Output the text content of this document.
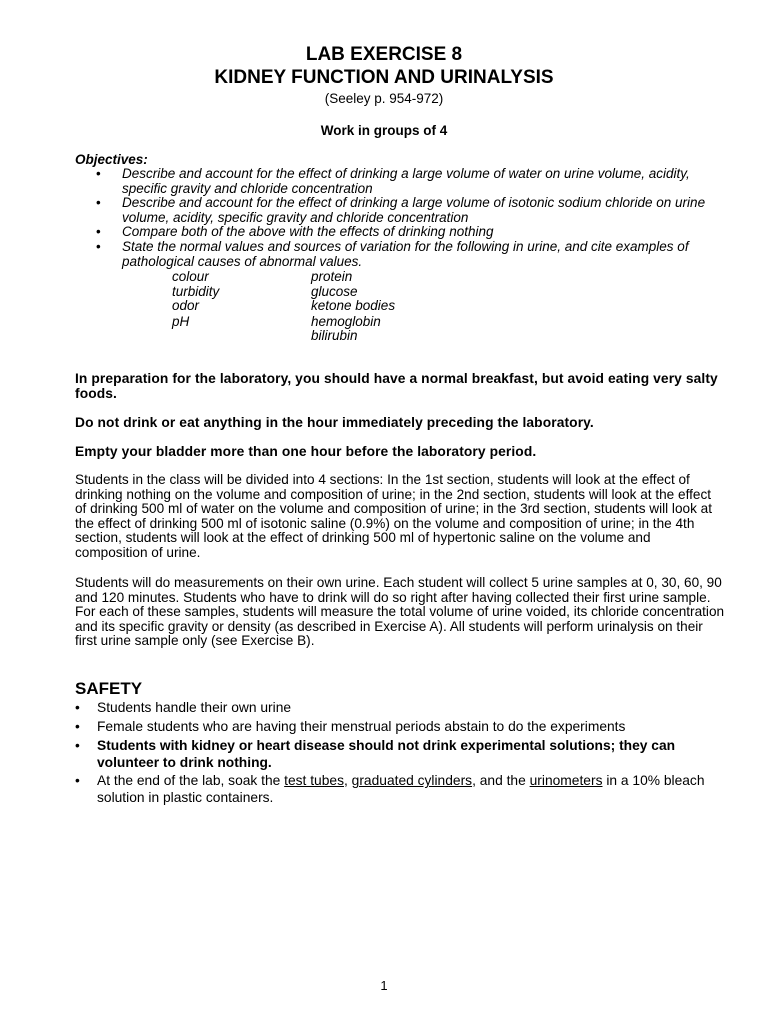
LAB EXERCISE 8
KIDNEY FUNCTION AND URINALYSIS
(Seeley p. 954-972)
Work in groups of 4
Objectives:
• Describe and account for the effect of drinking a large volume of water on urine volume, acidity, specific gravity and chloride concentration
• Describe and account for the effect of drinking a large volume of isotonic sodium chloride on urine volume, acidity, specific gravity and chloride concentration
• Compare both of the above with the effects of drinking nothing
• State the normal values and sources of variation for the following in urine, and cite examples of pathological causes of abnormal values.
colour
turbidity
odor
pH
protein
glucose
ketone bodies
hemoglobin
bilirubin

In preparation for the laboratory, you should have a normal breakfast, but avoid eating very salty foods.

Do not drink or eat anything in the hour immediately preceding the laboratory.

Empty your bladder more than one hour before the laboratory period.

Students in the class will be divided into 4 sections: In the 1st section, students will look at the effect of drinking nothing on the volume and composition of urine; in the 2nd section, students will look at the effect of drinking 500 ml of water on the volume and composition of urine; in the 3rd section, students will look at the effect of drinking 500 ml of isotonic saline (0.9%) on the volume and composition of urine; in the 4th section, students will look at the effect of drinking 500 ml of hypertonic saline on the volume and composition of urine.

Students will do measurements on their own urine. Each student will collect 5 urine samples at 0, 30, 60, 90 and 120 minutes. Students who have to drink will do so right after having collected their first urine sample. For each of these samples, students will measure the total volume of urine voided, its chloride concentration and its specific gravity or density (as described in Exercise A). All students will perform urinalysis on their first urine sample only (see Exercise B).

SAFETY
• Students handle their own urine
• Female students who are having their menstrual periods abstain to do the experiments
• Students with kidney or heart disease should not drink experimental solutions; they can volunteer to drink nothing.
• At the end of the lab, soak the test tubes, graduated cylinders, and the urinometers in a 10% bleach solution in plastic containers.
1
